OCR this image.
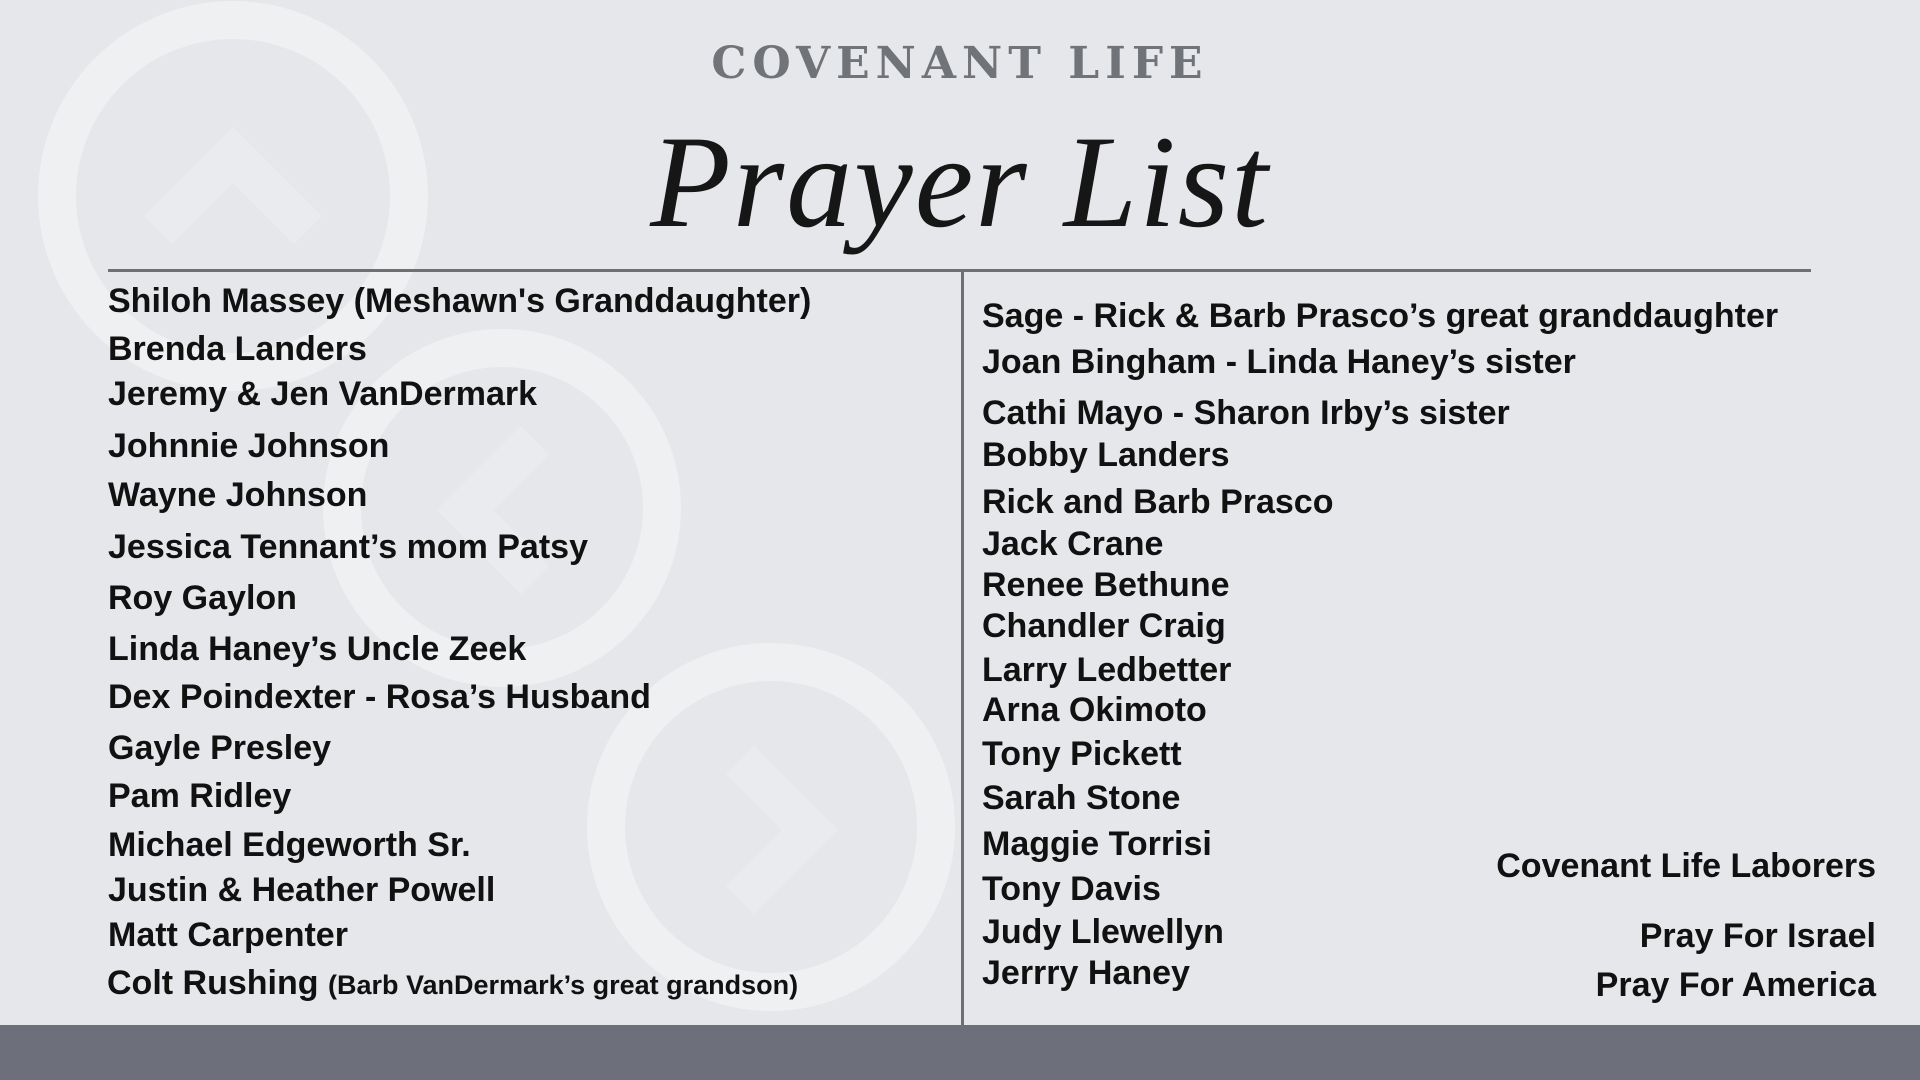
COVENANT LIFE
Prayer List
Shiloh Massey (Meshawn's Granddaughter)
Brenda Landers
Jeremy & Jen VanDermark
Johnnie Johnson
Wayne Johnson
Jessica Tennant’s mom Patsy
Roy Gaylon
Linda Haney’s Uncle Zeek
Dex Poindexter - Rosa’s Husband
Gayle Presley
Pam Ridley
Michael Edgeworth Sr.
Justin & Heather Powell
Matt Carpenter
Sage - Rick & Barb Prasco’s great granddaughter
Joan Bingham - Linda Haney’s sister
Cathi Mayo - Sharon Irby’s sister
Bobby Landers
Rick and Barb Prasco
Jack Crane
Renee Bethune
Chandler Craig
Larry Ledbetter
Arna Okimoto
Tony Pickett
Sarah Stone
Maggie Torrisi
Tony Davis
Judy Llewellyn
Jerrry Haney
Colt Rushing (Barb VanDermark’s great grandson)
Covenant Life Laborers
Pray For Israel
Pray For America
